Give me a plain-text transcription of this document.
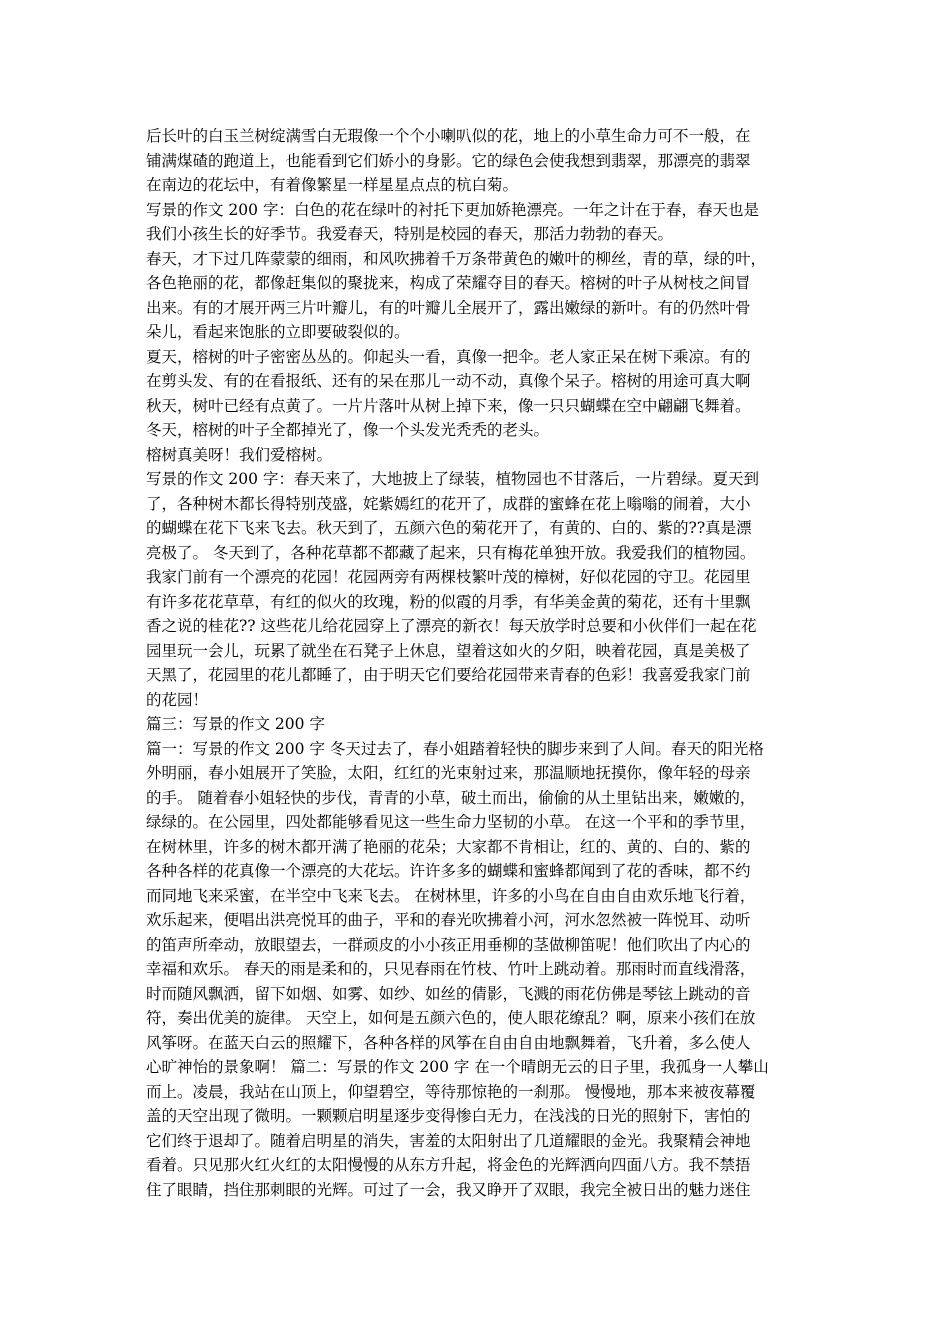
后长叶的白玉兰树绽满雪白无瑕像一个个小喇叭似的花，地上的小草生命力可不一般，在
铺满煤碴的跑道上，也能看到它们娇小的身影。它的绿色会使我想到翡翠，那漂亮的翡翠
在南边的花坛中，有着像繁星一样星星点点的杭白菊。
写景的作文 200 字：白色的花在绿叶的衬托下更加娇艳漂亮。一年之计在于春，春天也是
我们小孩生长的好季节。我爱春天，特别是校园的春天，那活力勃勃的春天。
春天，才下过几阵蒙蒙的细雨，和风吹拂着千万条带黄色的嫩叶的柳丝，青的草，绿的叶，
各色艳丽的花，都像赶集似的聚拢来，构成了荣耀夺目的春天。榕树的叶子从树枝之间冒
出来。有的才展开两三片叶瓣儿，有的叶瓣儿全展开了，露出嫩绿的新叶。有的仍然叶骨
朵儿，看起来饱胀的立即要破裂似的。
夏天，榕树的叶子密密丛丛的。仰起头一看，真像一把伞。老人家正呆在树下乘凉。有的
在剪头发、有的在看报纸、还有的呆在那儿一动不动，真像个呆子。榕树的用途可真大啊
秋天，树叶已经有点黄了。一片片落叶从树上掉下来，像一只只蝴蝶在空中翩翩飞舞着。
冬天，榕树的叶子全都掉光了，像一个头发光秃秃的老头。
榕树真美呀！我们爱榕树。
写景的作文 200 字：春天来了，大地披上了绿装，植物园也不甘落后，一片碧绿。夏天到
了，各种树木都长得特别茂盛，姹紫嫣红的花开了，成群的蜜蜂在花上嗡嗡的闹着，大小
的蝴蝶在花下飞来飞去。秋天到了，五颜六色的菊花开了，有黄的、白的、紫的??真是漂
亮极了。 冬天到了，各种花草都不都藏了起来，只有梅花单独开放。我爱我们的植物园。
我家门前有一个漂亮的花园！花园两旁有两棵枝繁叶茂的樟树，好似花园的守卫。花园里
有许多花花草草，有红的似火的玫瑰，粉的似霞的月季，有华美金黄的菊花，还有十里飘
香之说的桂花?? 这些花儿给花园穿上了漂亮的新衣！每天放学时总要和小伙伴们一起在花
园里玩一会儿，玩累了就坐在石凳子上休息，望着这如火的夕阳，映着花园，真是美极了
天黑了，花园里的花儿都睡了，由于明天它们要给花园带来青春的色彩！我喜爱我家门前
的花园！
篇三：写景的作文 200 字
篇一：写景的作文 200 字 冬天过去了，春小姐踏着轻快的脚步来到了人间。春天的阳光格
外明丽，春小姐展开了笑脸，太阳，红红的光束射过来，那温顺地抚摸你，像年轻的母亲
的手。 随着春小姐轻快的步伐，青青的小草，破土而出，偷偷的从土里钻出来，嫩嫩的，
绿绿的。在公园里，四处都能够看见这一些生命力坚韧的小草。 在这一个平和的季节里，
在树林里，许多的树木都开满了艳丽的花朵；大家都不肯相让，红的、黄的、白的、紫的
各种各样的花真像一个漂亮的大花坛。许许多多的蝴蝶和蜜蜂都闻到了花的香味，都不约
而同地飞来采蜜，在半空中飞来飞去。 在树林里，许多的小鸟在自由自由欢乐地飞行着，
欢乐起来，便唱出洪亮悦耳的曲子，平和的春光吹拂着小河，河水忽然被一阵悦耳、动听
的笛声所牵动，放眼望去，一群顽皮的小小孩正用垂柳的茎做柳笛呢！他们吹出了内心的
幸福和欢乐。 春天的雨是柔和的，只见春雨在竹枝、竹叶上跳动着。那雨时而直线滑落，
时而随风飘洒，留下如烟、如雾、如纱、如丝的倩影，飞溅的雨花仿佛是琴铉上跳动的音
符，奏出优美的旋律。 天空上，如何是五颜六色的，使人眼花缭乱？啊，原来小孩们在放
风筝呀。在蓝天白云的照耀下，各种各样的风筝在自由自由地飘舞着，飞升着，多么使人
心旷神怡的景象啊！ 篇二：写景的作文 200 字 在一个晴朗无云的日子里，我孤身一人攀山
而上。凌晨，我站在山顶上，仰望碧空，等待那惊艳的一刹那。 慢慢地，那本来被夜幕覆
盖的天空出现了微明。一颗颗启明星逐步变得惨白无力，在浅浅的日光的照射下，害怕的
它们终于退却了。随着启明星的消失，害羞的太阳射出了几道耀眼的金光。我聚精会神地
看着。只见那火红火红的太阳慢慢的从东方升起，将金色的光辉洒向四面八方。我不禁捂
住了眼睛，挡住那刺眼的光辉。可过了一会，我又睁开了双眼，我完全被日出的魅力迷住
